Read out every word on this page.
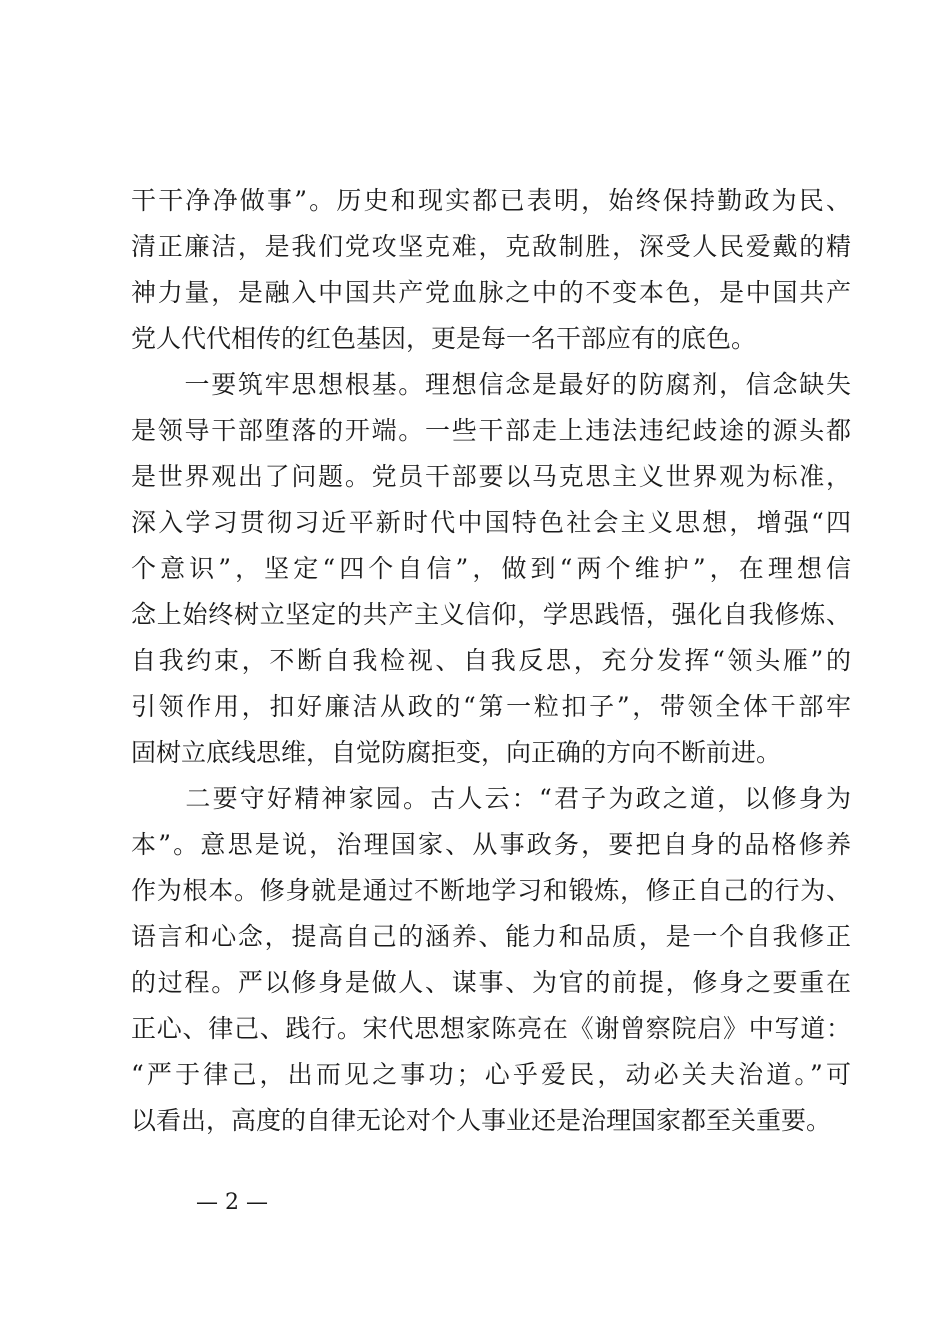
干干净净做事”。历史和现实都已表明，始终保持勤政为民、
清正廉洁，是我们党攻坚克难，克敌制胜，深受人民爱戴的精
神力量，是融入中国共产党血脉之中的不变本色，是中国共产
党人代代相传的红色基因，更是每一名干部应有的底色。
　　一要筑牢思想根基。理想信念是最好的防腐剂，信念缺失
是领导干部堕落的开端。一些干部走上违法违纪歧途的源头都
是世界观出了问题。党员干部要以马克思主义世界观为标准，
深入学习贯彻习近平新时代中国特色社会主义思想，增强“四
个意识”，坚定“四个自信”，做到“两个维护”，在理想信
念上始终树立坚定的共产主义信仰，学思践悟，强化自我修炼、
自我约束，不断自我检视、自我反思，充分发挥“领头雁”的
引领作用，扣好廉洁从政的“第一粒扣子”，带领全体干部牢
固树立底线思维，自觉防腐拒变，向正确的方向不断前进。
　　二要守好精神家园。古人云：“君子为政之道，以修身为
本”。意思是说，治理国家、从事政务，要把自身的品格修养
作为根本。修身就是通过不断地学习和锻炼，修正自己的行为、
语言和心念，提高自己的涵养、能力和品质，是一个自我修正
的过程。严以修身是做人、谋事、为官的前提，修身之要重在
正心、律己、践行。宋代思想家陈亮在《谢曾察院启》中写道：
“严于律己，出而见之事功；心乎爱民，动必关夫治道。”可
以看出，高度的自律无论对个人事业还是治理国家都至关重要。
— 2 —
